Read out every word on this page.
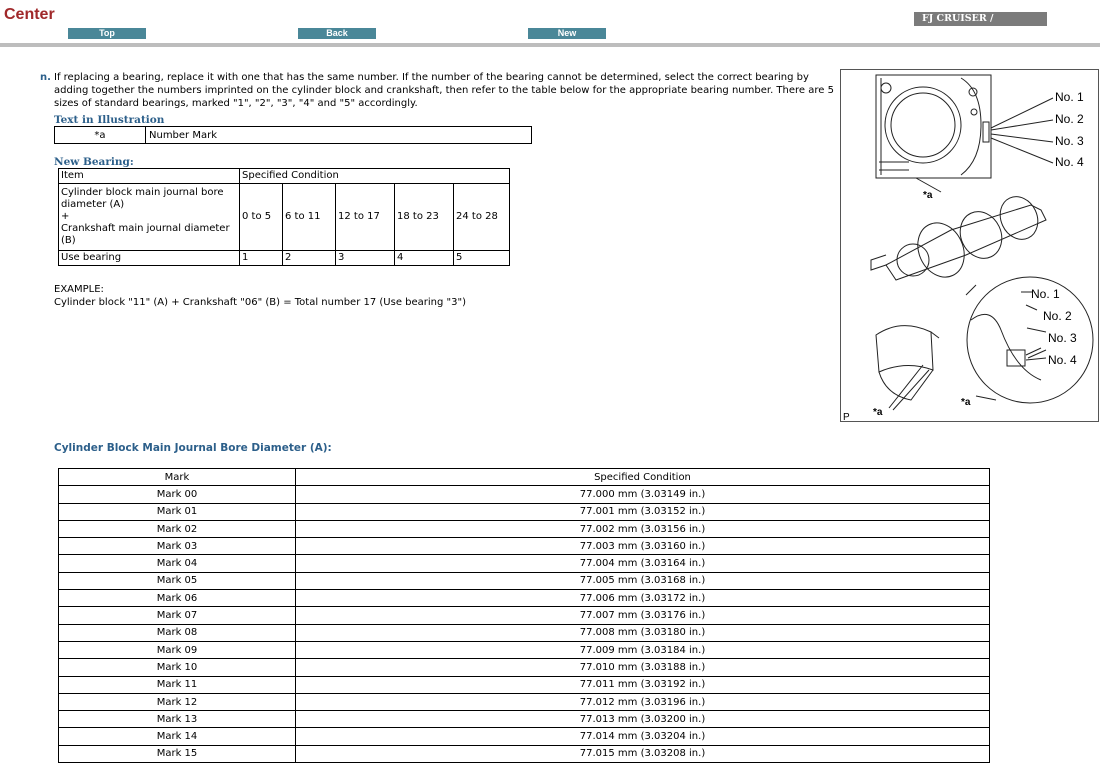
Center
Top	Back	New
FJ CRUISER /
n. If replacing a bearing, replace it with one that has the same number. If the number of the bearing cannot be determined, select the correct bearing by adding together the numbers imprinted on the cylinder block and crankshaft, then refer to the table below for the appropriate bearing number. There are 5 sizes of standard bearings, marked "1", "2", "3", "4" and "5" accordingly.
Text in Illustration
*a	Number Mark
New Bearing:
Item	Specified Condition				

Cylinder block main journal bore diameter (A)
+
Crankshaft main journal diameter (B)	0 to 5	6 to 11	12 to 17	18 to 23	24 to 28
Use bearing	1	2	3	4	5
EXAMPLE:
Cylinder block "11" (A) + Crankshaft "06" (B) = Total number 17 (Use bearing "3")
No. 1
No. 2
No. 3
No. 4
*a
No. 1
No. 2
No. 3
No. 4
*a
*a
P
Cylinder Block Main Journal Bore Diameter (A):
Mark	Specified Condition
Mark 00	77.000 mm (3.03149 in.)
Mark 01	77.001 mm (3.03152 in.)
Mark 02	77.002 mm (3.03156 in.)
Mark 03	77.003 mm (3.03160 in.)
Mark 04	77.004 mm (3.03164 in.)
Mark 05	77.005 mm (3.03168 in.)
Mark 06	77.006 mm (3.03172 in.)
Mark 07	77.007 mm (3.03176 in.)
Mark 08	77.008 mm (3.03180 in.)
Mark 09	77.009 mm (3.03184 in.)
Mark 10	77.010 mm (3.03188 in.)
Mark 11	77.011 mm (3.03192 in.)
Mark 12	77.012 mm (3.03196 in.)
Mark 13	77.013 mm (3.03200 in.)
Mark 14	77.014 mm (3.03204 in.)
Mark 15	77.015 mm (3.03208 in.)
